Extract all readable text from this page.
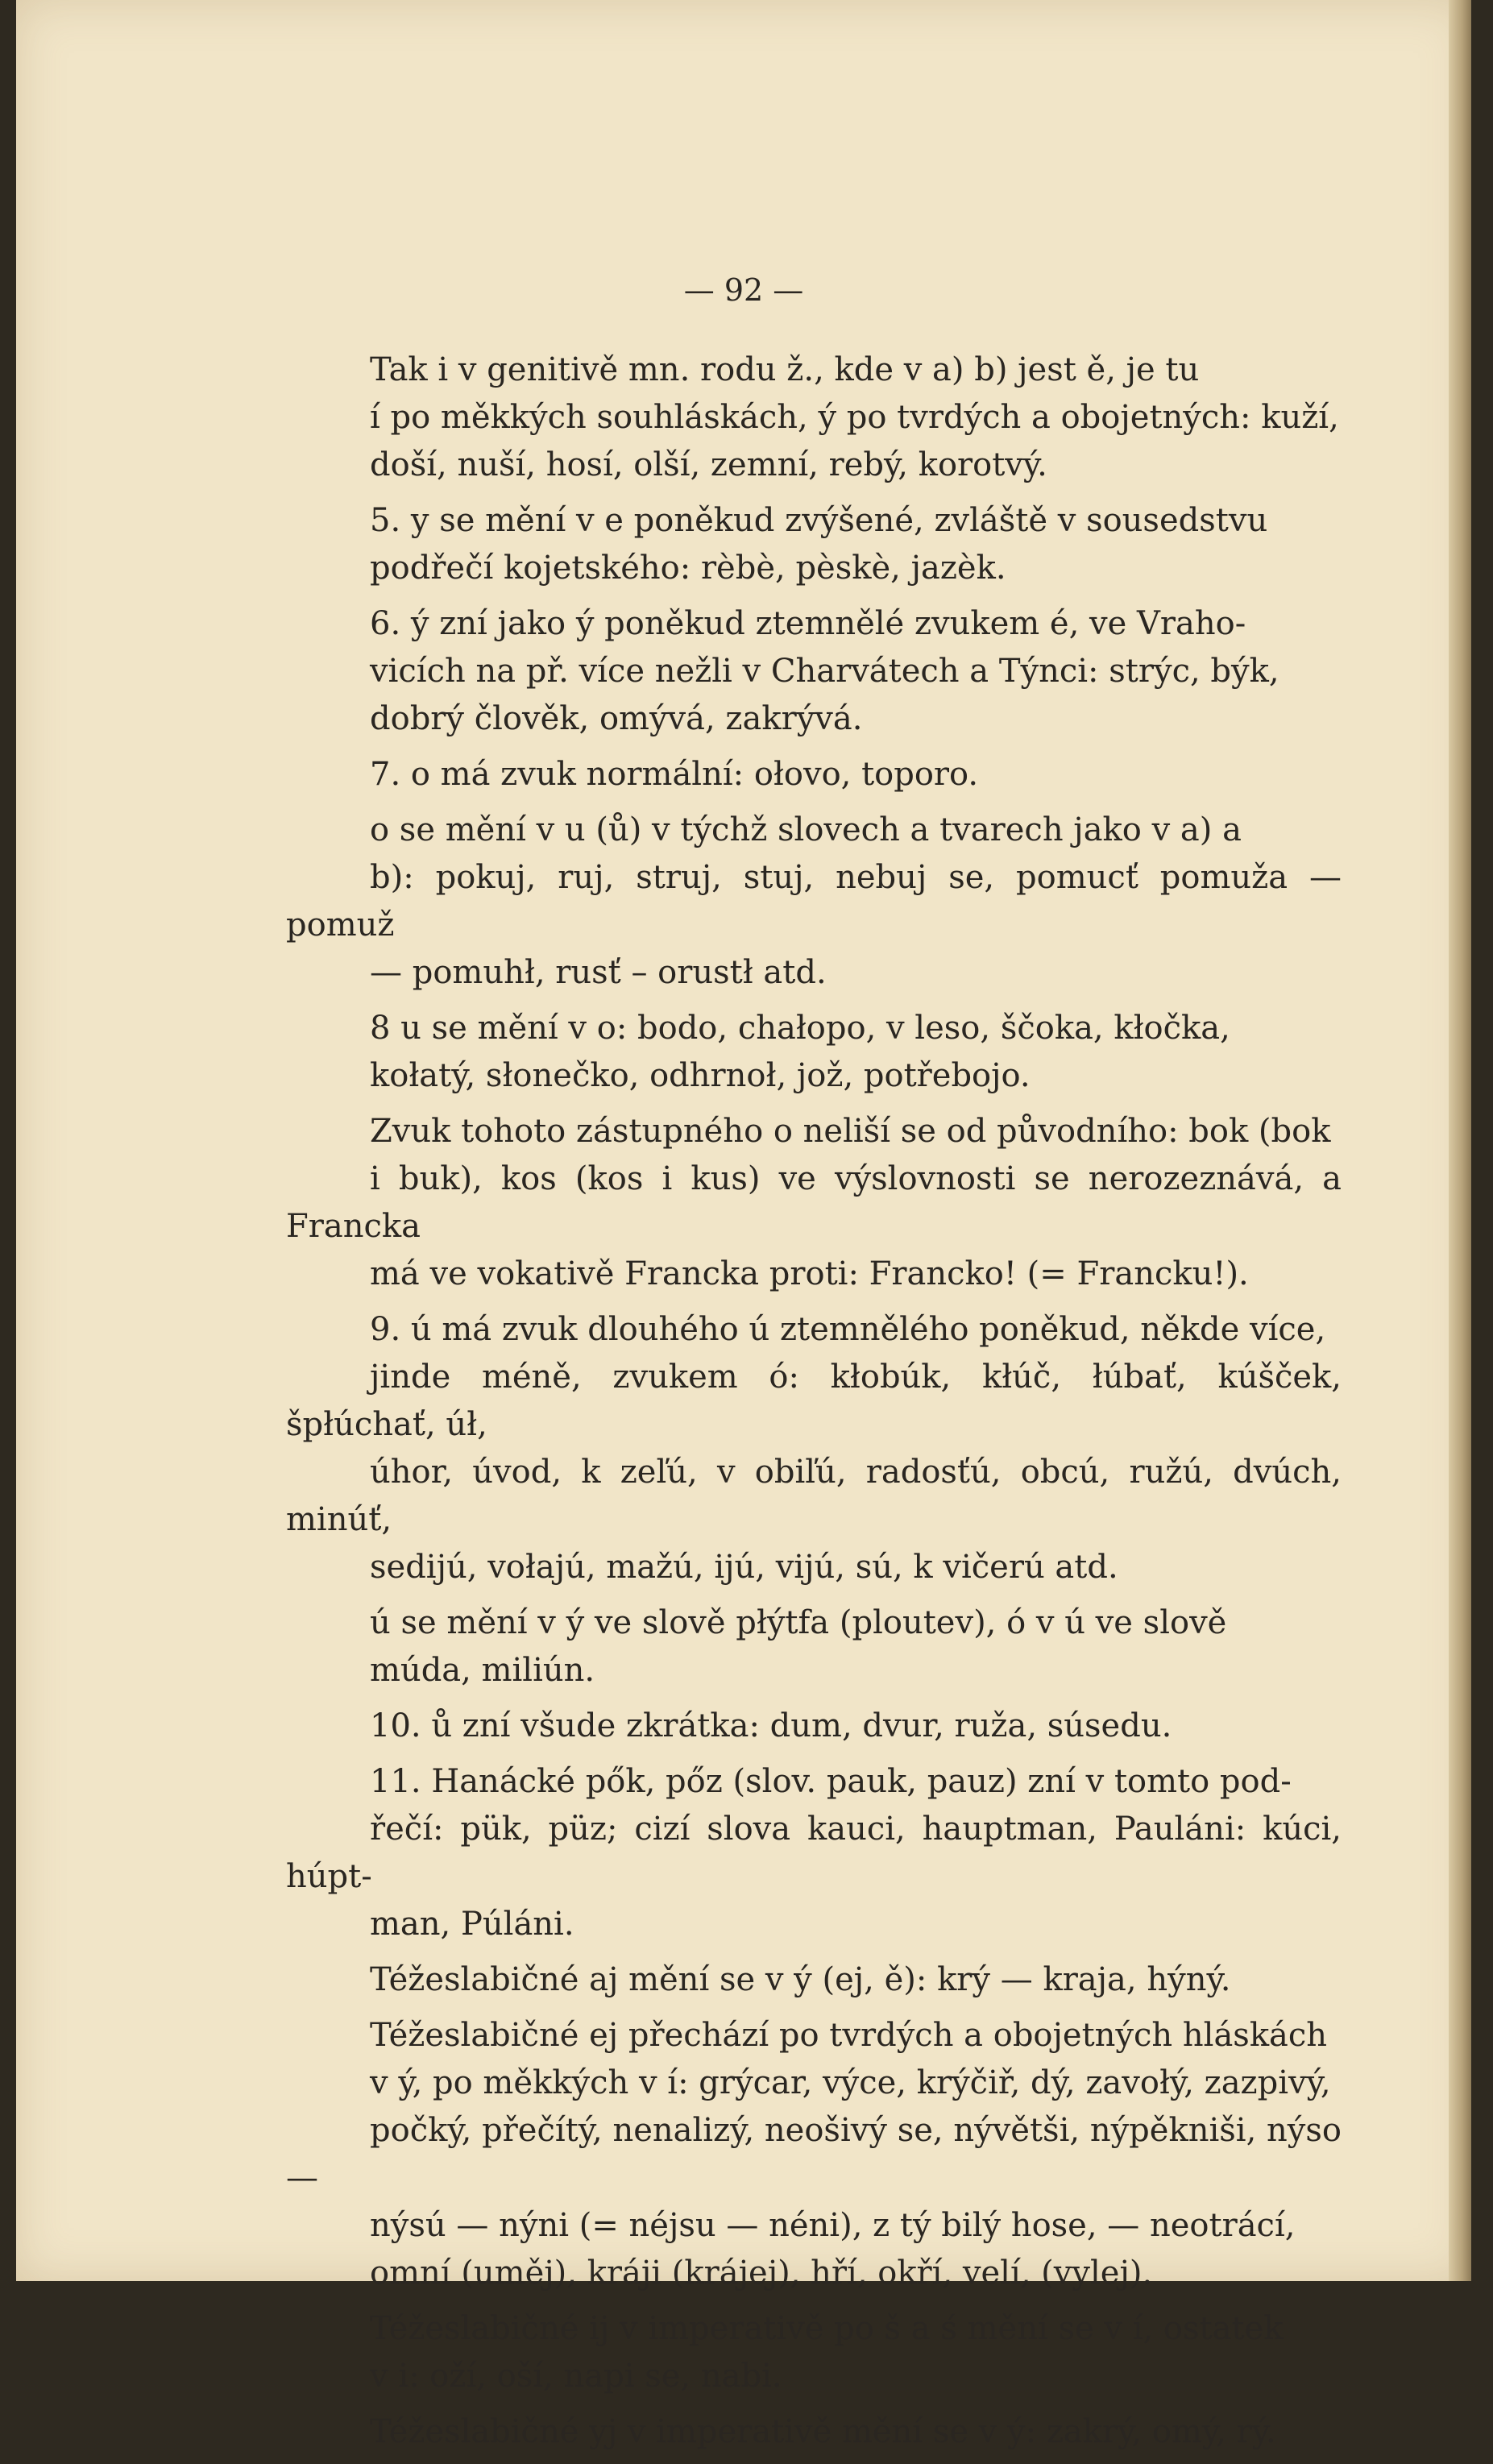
— 92 —

Tak i v genitivě mn. rodu ž., kde v a) b) jest ě, je tu
í po měkkých souhláskách, ý po tvrdých a obojetných: kuží,
doší, nuší, hosí, olší, zemní, rebý, korotvý.

5. y se mění v e poněkud zvýšené, zvláště v sousedstvu
podřečí kojetského: rèbè, pèskè, jazèk.

6. ý zní jako ý poněkud ztemnělé zvukem é, ve Vraho-
vicích na př. více nežli v Charvátech a Týnci: strýc, býk,
dobrý člověk, omývá, zakrývá.

7. o má zvuk normální: ołovo, toporo.

o se mění v u (ů) v týchž slovech a tvarech jako v a) a
b): pokuj, ruj, struj, stuj, nebuj se, pomucť pomuža — pomuž
— pomuhł, rusť – orustł atd.

8 u se mění v o: bodo, chałopo, v leso, ščoka, kłočka,
kołatý, słonečko, odhrnoł, jož, potřebojo.

Zvuk tohoto zástupného o neliší se od původního: bok (bok
i buk), kos (kos i kus) ve výslovnosti se nerozeznává, a Francka
má ve vokativě Francka proti: Francko! (= Francku!).

9. ú má zvuk dlouhého ú ztemnělého poněkud, někde více,
jinde méně, zvukem ó: kłobúk, kłúč, łúbať, kúšček, špłúchať, úł,
úhor, úvod, k zeľú, v obiľú, radosťú, obcú, ružú, dvúch, minúť,
sedijú, vołajú, mažú, ijú, vijú, sú, k vičerú atd.

ú se mění v ý ve slově płýtfa (ploutev), ó v ú ve slově
múda, miliún.

10. ů zní všude zkrátka: dum, dvur, ruža, súsedu.

11. Hanácké pők, pőz (slov. pauk, pauz) zní v tomto pod-
řečí: pük, püz; cizí slova kauci, hauptman, Pauláni: kúci, húpt-
man, Púláni.

Téžeslabičné aj mění se v ý (ej, ě): krý — kraja, hýný.

Téžeslabičné ej přechází po tvrdých a obojetných hláskách
v ý, po měkkých v í: grýcar, výce, krýčiř, dý, zavołý, zazpivý,
počký, přečítý, nenalizý, neošivý se, nývětši, nýpěkniši, nýso —
nýsú — nýni (= néjsu — néni), z tý bilý hose, — neotrácí,
omní (uměj), kráji (krájej), hří, okří, velí, (vylej).

Téžeslabičné ij v imperativě po š a ś mění se v í, ostatek
v i: oží, oší, napi se, nabi.

Téžeslabičné yj v imperativě mění se v ý: zakrý, omý, rý.
